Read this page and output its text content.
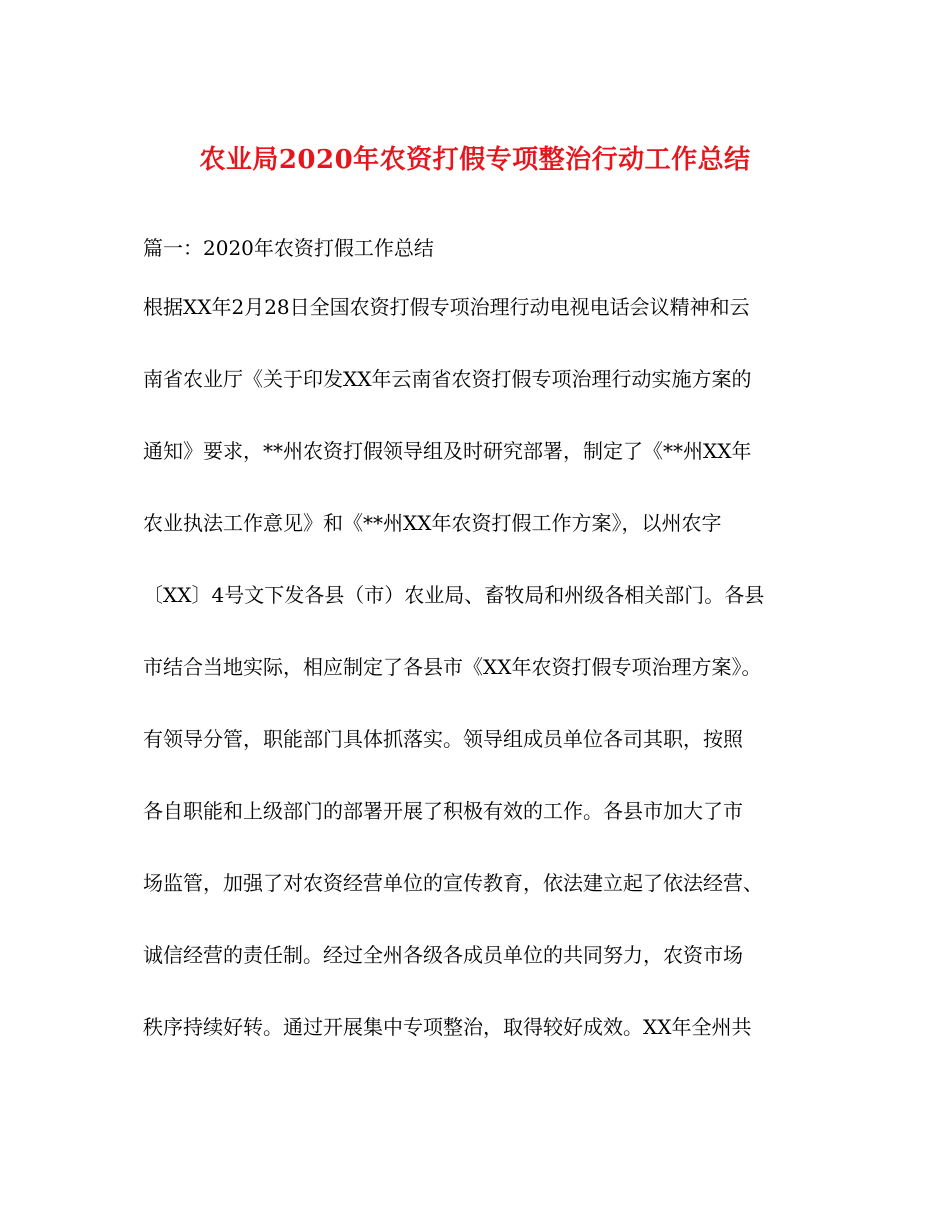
农业局2020年农资打假专项整治行动工作总结
篇一：2020年农资打假工作总结
根据XX年2月28日全国农资打假专项治理行动电视电话会议精神和云
南省农业厅《关于印发XX年云南省农资打假专项治理行动实施方案的
通知》要求，**州农资打假领导组及时研究部署，制定了《**州XX年
农业执法工作意见》和《**州XX年农资打假工作方案》，以州农字
〔XX〕4号文下发各县（市）农业局、畜牧局和州级各相关部门。各县
市结合当地实际，相应制定了各县市《XX年农资打假专项治理方案》。
有领导分管，职能部门具体抓落实。领导组成员单位各司其职，按照
各自职能和上级部门的部署开展了积极有效的工作。各县市加大了市
场监管，加强了对农资经营单位的宣传教育，依法建立起了依法经营、
诚信经营的责任制。经过全州各级各成员单位的共同努力，农资市场
秩序持续好转。通过开展集中专项整治，取得较好成效。XX年全州共
